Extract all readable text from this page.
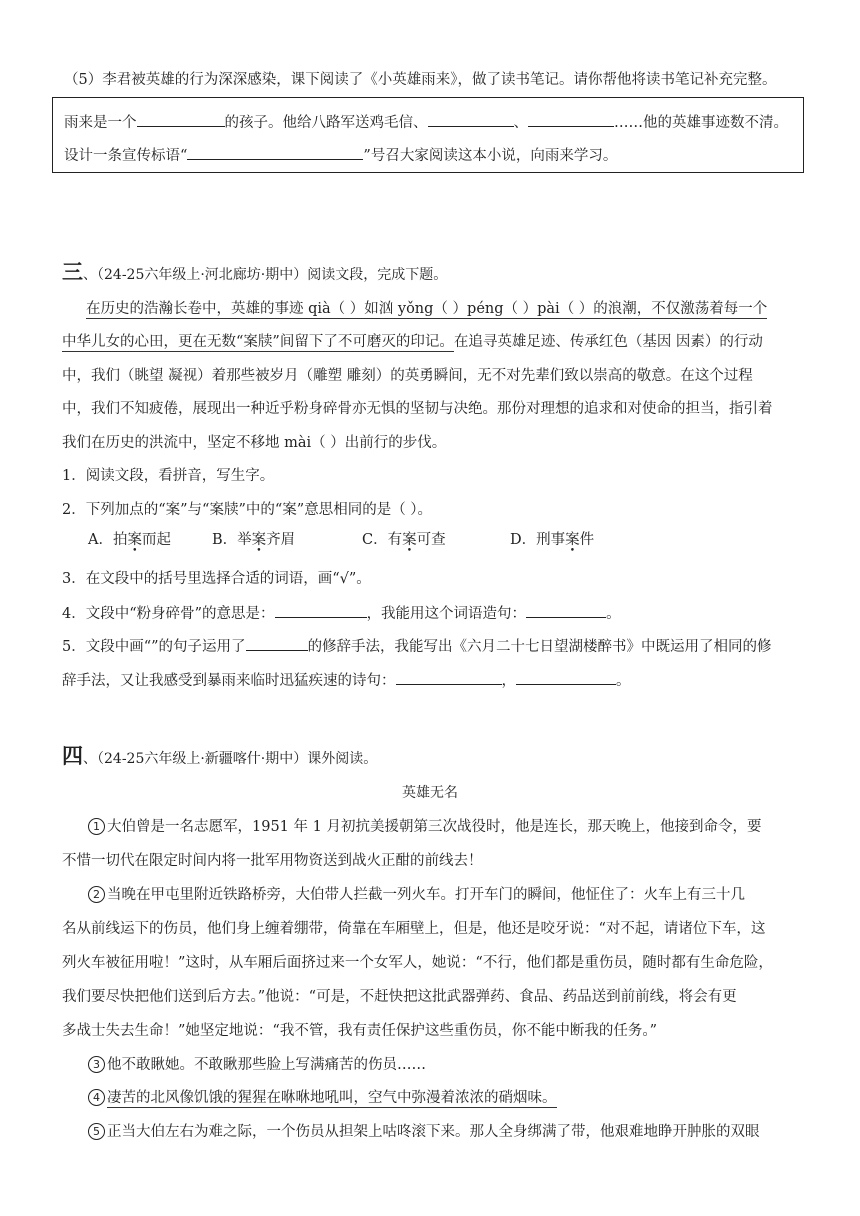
（5）李君被英雄的行为深深感染，课下阅读了《小英雄雨来》，做了读书笔记。请你帮他将读书笔记补充完整。
雨来是一个	的孩子。他给八路军送鸡毛信、	、	……他的英雄事迹数不清。
设计一条宣传标语“	”号召大家阅读这本小说，向雨来学习。
三、（24-25六年级上·河北廊坊·期中）阅读文段，完成下题。
在历史的浩瀚长卷中，英雄的事迹 qià（ ）如汹 yǒng（ ）péng（ ）pài（ ）的浪潮，不仅激荡着每一个
中华儿女的心田，更在无数“案牍”间留下了不可磨灭的印记。在追寻英雄足迹、传承红色（基因 因素）的行动
中，我们（眺望 凝视）着那些被岁月（雕塑 雕刻）的英勇瞬间，无不对先辈们致以崇高的敬意。在这个过程
中，我们不知疲倦，展现出一种近乎粉身碎骨亦无惧的坚韧与决绝。那份对理想的追求和对使命的担当，指引着
我们在历史的洪流中，坚定不移地 mài（ ）出前行的步伐。
1．阅读文段，看拼音，写生字。
2．下列加点的“案”与“案牍”中的“案”意思相同的是（ ）。
A．拍案而起	B．举案齐眉	C．有案可查	D．刑事案件
3．在文段中的括号里选择合适的词语，画“√”。
4．文段中“粉身碎骨”的意思是：	，我能用这个词语造句：	。
5．文段中画“”的句子运用了	的修辞手法，我能写出《六月二十七日望湖楼醉书》中既运用了相同的修
辞手法，又让我感受到暴雨来临时迅猛疾速的诗句：	，	。
四、（24-25六年级上·新疆喀什·期中）课外阅读。
英雄无名
1 大伯曾是一名志愿军，1951 年 1 月初抗美援朝第三次战役时，他是连长，那天晚上，他接到命令，要
不惜一切代在限定时间内将一批军用物资送到战火正酣的前线去！
2 当晚在甲屯里附近铁路桥旁，大伯带人拦截一列火车。打开车门的瞬间，他怔住了：火车上有三十几
名从前线运下的伤员，他们身上缠着绷带，倚靠在车厢壁上，但是，他还是咬牙说：“对不起，请诸位下车，这
列火车被征用啦！”这时，从车厢后面挤过来一个女军人，她说：“不行，他们都是重伤员，随时都有生命危险，
我们要尽快把他们送到后方去。”他说：“可是，不赶快把这批武器弹药、食品、药品送到前前线，将会有更
多战士失去生命！”她坚定地说：“我不管，我有责任保护这些重伤员，你不能中断我的任务。”
3 他不敢瞅她。不敢瞅那些脸上写满痛苦的伤员……
4 凄苦的北风像饥饿的猩猩在咻咻地吼叫，空气中弥漫着浓浓的硝烟味。
5 正当大伯左右为难之际，一个伤员从担架上咕咚滚下来。那人全身绑满了带，他艰难地睁开肿胀的双眼
